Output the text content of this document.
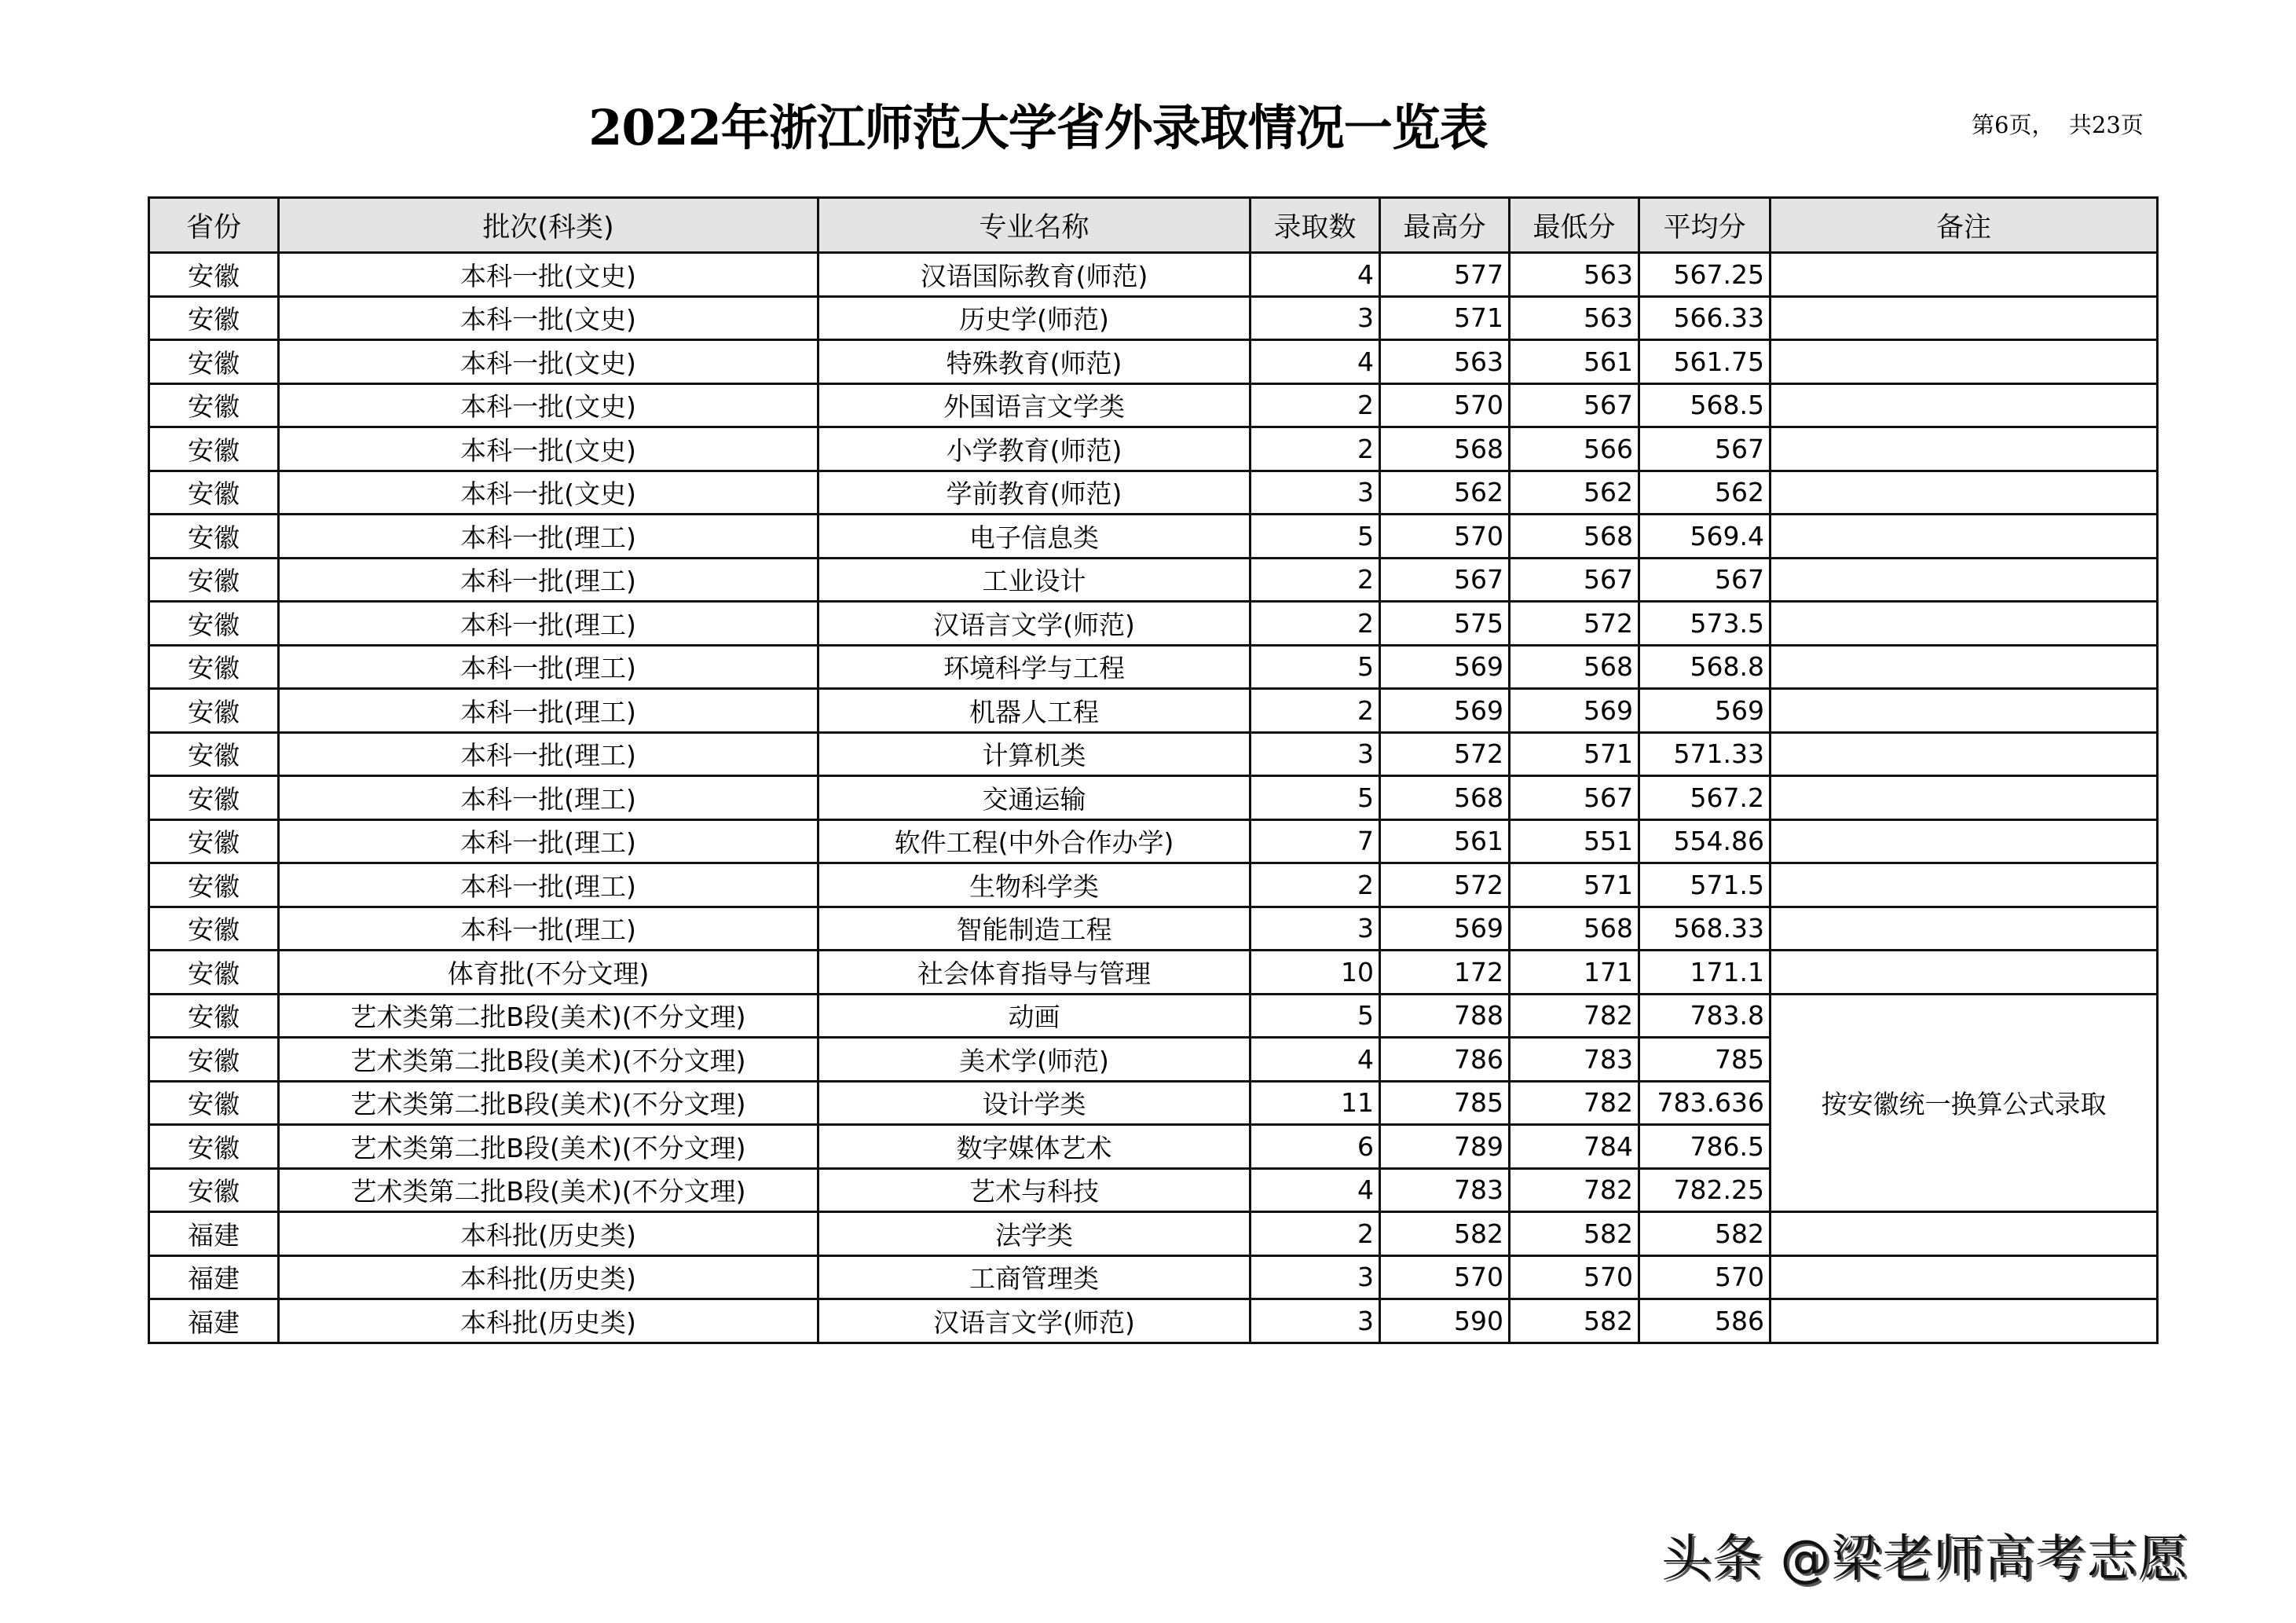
2022年浙江师范大学省外录取情况一览表	第6页，  共23页
省份	批次(科类)	专业名称	录取数	最高分	最低分	平均分	备注
安徽	本科一批(文史)	汉语国际教育(师范)	4	577	563	567.25	
安徽	本科一批(文史)	历史学(师范)	3	571	563	566.33	
安徽	本科一批(文史)	特殊教育(师范)	4	563	561	561.75	
安徽	本科一批(文史)	外国语言文学类	2	570	567	568.5	
安徽	本科一批(文史)	小学教育(师范)	2	568	566	567	
安徽	本科一批(文史)	学前教育(师范)	3	562	562	562	
安徽	本科一批(理工)	电子信息类	5	570	568	569.4	
安徽	本科一批(理工)	工业设计	2	567	567	567	
安徽	本科一批(理工)	汉语言文学(师范)	2	575	572	573.5	
安徽	本科一批(理工)	环境科学与工程	5	569	568	568.8	
安徽	本科一批(理工)	机器人工程	2	569	569	569	
安徽	本科一批(理工)	计算机类	3	572	571	571.33	
安徽	本科一批(理工)	交通运输	5	568	567	567.2	
安徽	本科一批(理工)	软件工程(中外合作办学)	7	561	551	554.86	
安徽	本科一批(理工)	生物科学类	2	572	571	571.5	
安徽	本科一批(理工)	智能制造工程	3	569	568	568.33	
安徽	体育批(不分文理)	社会体育指导与管理	10	172	171	171.1	
安徽	艺术类第二批B段(美术)(不分文理)	动画	5	788	782	783.8	按安徽统一换算公式录取
安徽	艺术类第二批B段(美术)(不分文理)	美术学(师范)	4	786	783	785	
安徽	艺术类第二批B段(美术)(不分文理)	设计学类	11	785	782	783.636	
安徽	艺术类第二批B段(美术)(不分文理)	数字媒体艺术	6	789	784	786.5	
安徽	艺术类第二批B段(美术)(不分文理)	艺术与科技	4	783	782	782.25	
福建	本科批(历史类)	法学类	2	582	582	582	
福建	本科批(历史类)	工商管理类	3	570	570	570	
福建	本科批(历史类)	汉语言文学(师范)	3	590	582	586	
头条 @梁老师高考志愿
